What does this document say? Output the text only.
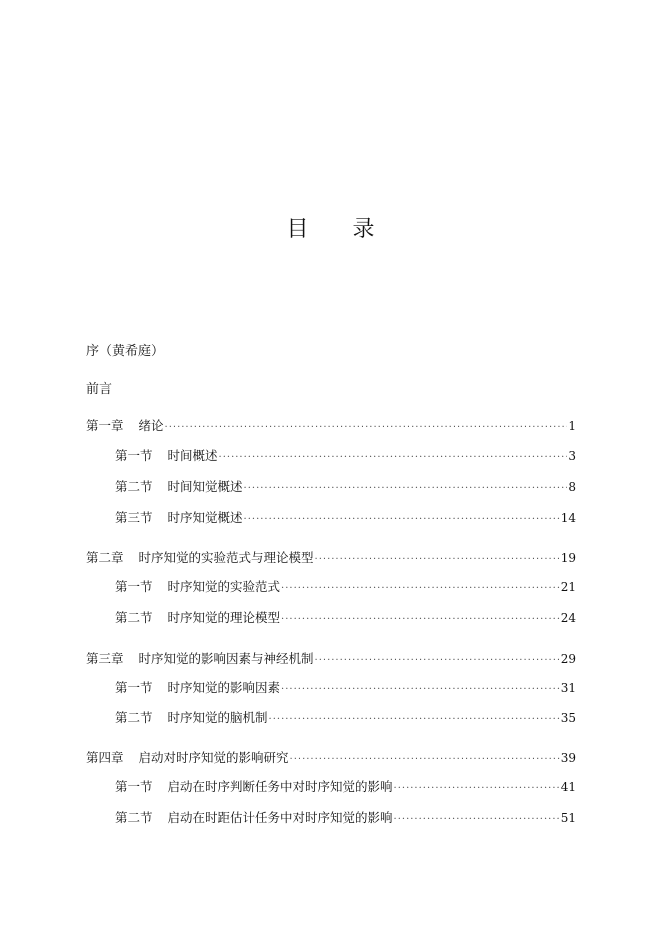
目 录
序（黄希庭）
前言
第一章 绪论 ·····	1
第一节 时间概述 ·····	3
第二节 时间知觉概述 ·····	8
第三节 时序知觉概述 ·····	14
第二章 时序知觉的实验范式与理论模型 ·····	19
第一节 时序知觉的实验范式 ·····	21
第二节 时序知觉的理论模型 ·····	24
第三章 时序知觉的影响因素与神经机制 ·····	29
第一节 时序知觉的影响因素 ·····	31
第二节 时序知觉的脑机制 ·····	35
第四章 启动对时序知觉的影响研究 ·····	39
第一节 启动在时序判断任务中对时序知觉的影响 ·····	41
第二节 启动在时距估计任务中对时序知觉的影响 ·····	51
